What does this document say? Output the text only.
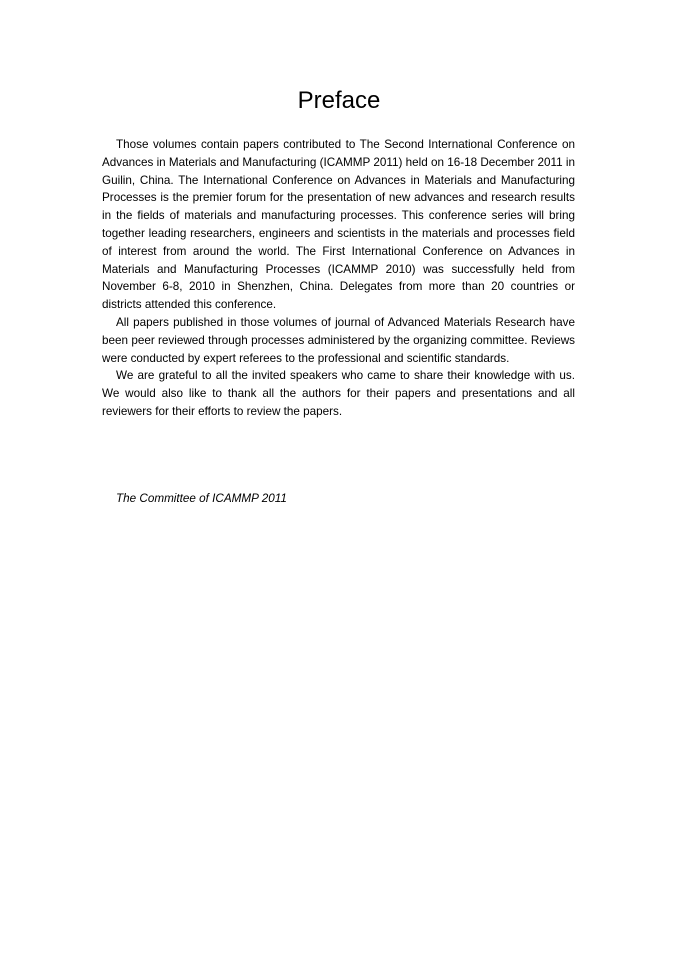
Preface

Those volumes contain papers contributed to The Second International Conference on Advances in Materials and Manufacturing (ICAMMP 2011) held on 16-18 December 2011 in Guilin, China. The International Conference on Advances in Materials and Manufacturing Processes is the premier forum for the presentation of new advances and research results in the fields of materials and manufacturing processes. This conference series will bring together leading researchers, engineers and scientists in the materials and processes field of interest from around the world. The First International Conference on Advances in Materials and Manufacturing Processes (ICAMMP 2010) was successfully held from November 6-8, 2010 in Shenzhen, China. Delegates from more than 20 countries or districts attended this conference.

All papers published in those volumes of journal of Advanced Materials Research have been peer reviewed through processes administered by the organizing committee. Reviews were conducted by expert referees to the professional and scientific standards.

We are grateful to all the invited speakers who came to share their knowledge with us. We would also like to thank all the authors for their papers and presentations and all reviewers for their efforts to review the papers.

The Committee of ICAMMP 2011
